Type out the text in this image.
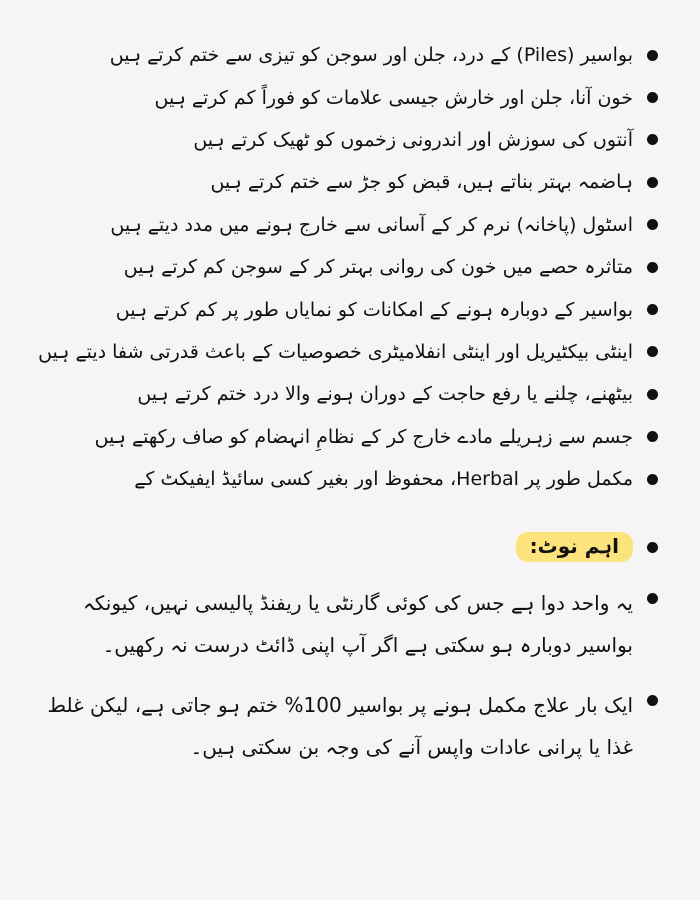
بواسیر (Piles) کے درد، جلن اور سوجن کو تیزی سے ختم کرتے ہیں
خون آنا، جلن اور خارش جیسی علامات کو فوراً کم کرتے ہیں
آنتوں کی سوزش اور اندرونی زخموں کو ٹھیک کرتے ہیں
ہاضمہ بہتر بناتے ہیں، قبض کو جڑ سے ختم کرتے ہیں
اسٹول (پاخانہ) نرم کر کے آسانی سے خارج ہونے میں مدد دیتے ہیں
متاثرہ حصے میں خون کی روانی بہتر کر کے سوجن کم کرتے ہیں
بواسیر کے دوبارہ ہونے کے امکانات کو نمایاں طور پر کم کرتے ہیں
اینٹی بیکٹیریل اور اینٹی انفلامیٹری خصوصیات کے باعث قدرتی شفا دیتے ہیں
بیٹھنے، چلنے یا رفع حاجت کے دوران ہونے والا درد ختم کرتے ہیں
جسم سے زہریلے مادے خارج کر کے نظامِ انہضام کو صاف رکھتے ہیں
مکمل طور پر Herbal، محفوظ اور بغیر کسی سائیڈ ایفیکٹ کے
اہم نوٹ:
یہ واحد دوا ہے جس کی کوئی گارنٹی یا ریفنڈ پالیسی نہیں، کیونکہ بواسیر دوبارہ ہو سکتی ہے اگر آپ اپنی ڈائٹ درست نہ رکھیں۔
ایک بار علاج مکمل ہونے پر بواسیر 100% ختم ہو جاتی ہے، لیکن غلط غذا یا پرانی عادات واپس آنے کی وجہ بن سکتی ہیں۔
